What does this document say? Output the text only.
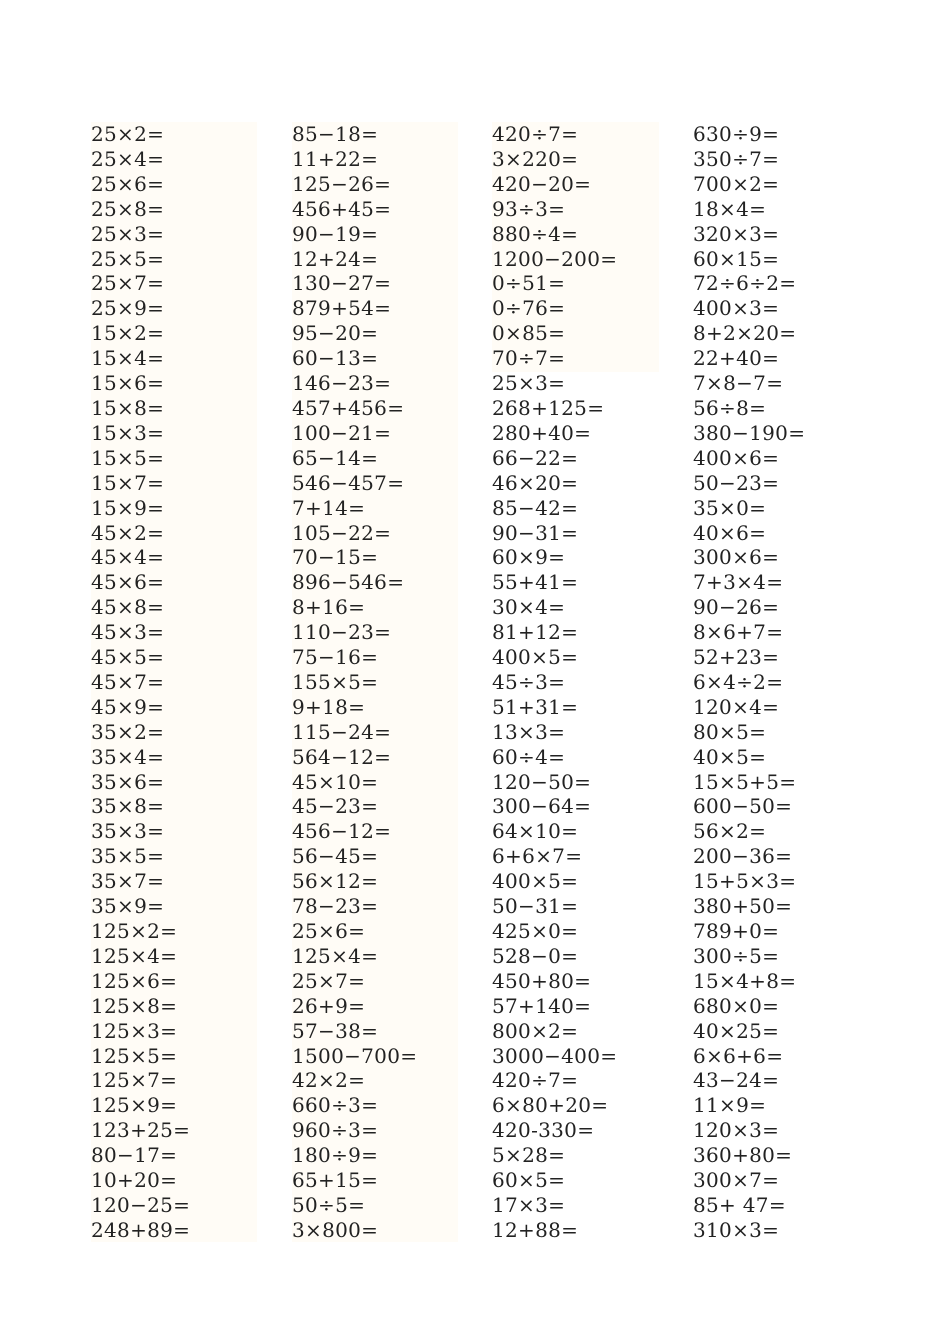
25×2=
25×4=
25×6=
25×8=
25×3=
25×5=
25×7=
25×9=
15×2=
15×4=
15×6=
15×8=
15×3=
15×5=
15×7=
15×9=
45×2=
45×4=
45×6=
45×8=
45×3=
45×5=
45×7=
45×9=
35×2=
35×4=
35×6=
35×8=
35×3=
35×5=
35×7=
35×9=
125×2=
125×4=
125×6=
125×8=
125×3=
125×5=
125×7=
125×9=
123+25=
80−17=
10+20=
120−25=
248+89=
85−18=
11+22=
125−26=
456+45=
90−19=
12+24=
130−27=
879+54=
95−20=
60−13=
146−23=
457+456=
100−21=
65−14=
546−457=
7+14=
105−22=
70−15=
896−546=
8+16=
110−23=
75−16=
155×5=
9+18=
115−24=
564−12=
45×10=
45−23=
456−12=
56−45=
56×12=
78−23=
25×6=
125×4=
25×7=
26+9=
57−38=
1500−700=
42×2=
660÷3=
960÷3=
180÷9=
65+15=
50÷5=
3×800=
420÷7=
3×220=
420−20=
93÷3=
880÷4=
1200−200=
0÷51=
0÷76=
0×85=
70÷7=
25×3=
268+125=
280+40=
66−22=
46×20=
85−42=
90−31=
60×9=
55+41=
30×4=
81+12=
400×5=
45÷3=
51+31=
13×3=
60÷4=
120−50=
300−64=
64×10=
6+6×7=
400×5=
50−31=
425×0=
528−0=
450+80=
57+140=
800×2=
3000−400=
420÷7=
6×80+20=
420-330=
5×28=
60×5=
17×3=
12+88=
630÷9=
350÷7=
700×2=
18×4=
320×3=
60×15=
72÷6÷2=
400×3=
8+2×20=
22+40=
7×8−7=
56÷8=
380−190=
400×6=
50−23=
35×0=
40×6=
300×6=
7+3×4=
90−26=
8×6+7=
52+23=
6×4÷2=
120×4=
80×5=
40×5=
15×5+5=
600−50=
56×2=
200−36=
15+5×3=
380+50=
789+0=
300÷5=
15×4+8=
680×0=
40×25=
6×6+6=
43−24=
11×9=
120×3=
360+80=
300×7=
85+ 47=
310×3=
